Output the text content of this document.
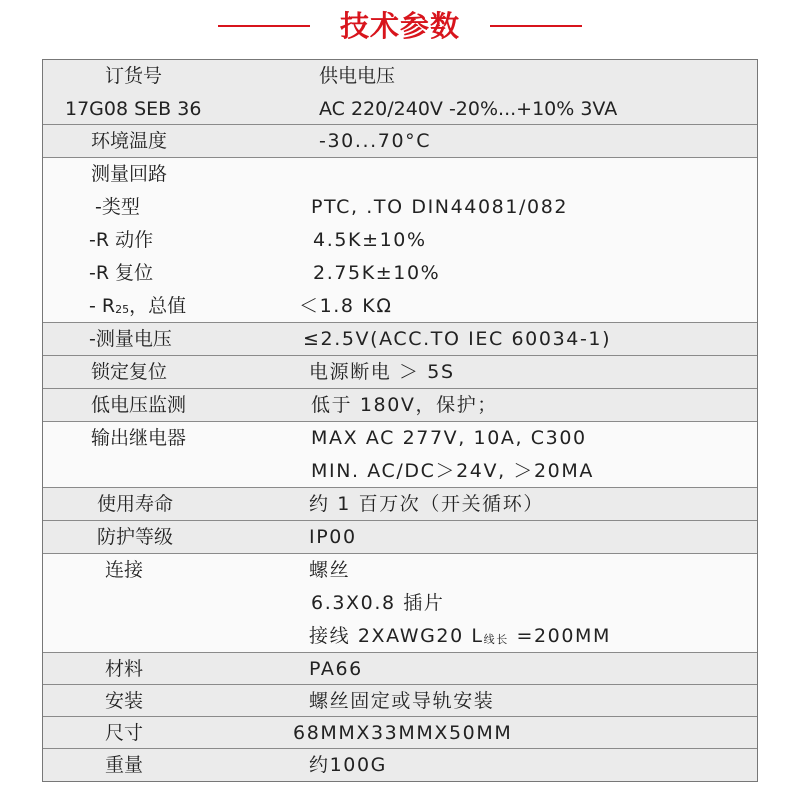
技术参数
订货号	供电电压
17G08 SEB 36	AC 220/240V -20%...+10% 3VA
环境温度	-30...70°C
测量回路
-类型	PTC, .TO DIN44081/082
-R 动作	4.5K±10%
-R 复位	2.75K±10%
- $R_{25}$，总值	＜1.8 KΩ
-测量电压	≤2.5V(ACC.TO IEC 60034-1)
锁定复位	电源断电 ＞ 5S
低电压监测	低于 180V，保护；
输出继电器	MAX AC 277V, 10A, C300
MIN. AC/DC＞24V, ＞20MA
使用寿命	约 1 百万次（开关循环）
防护等级	IP00
连接	螺丝
6.3X0.8 插片
接线 2XAWG20 $L_{线长} =200MM$
材料	PA66
安装	螺丝固定或导轨安装
尺寸	68MMX33MMX50MM
重量	约100G
